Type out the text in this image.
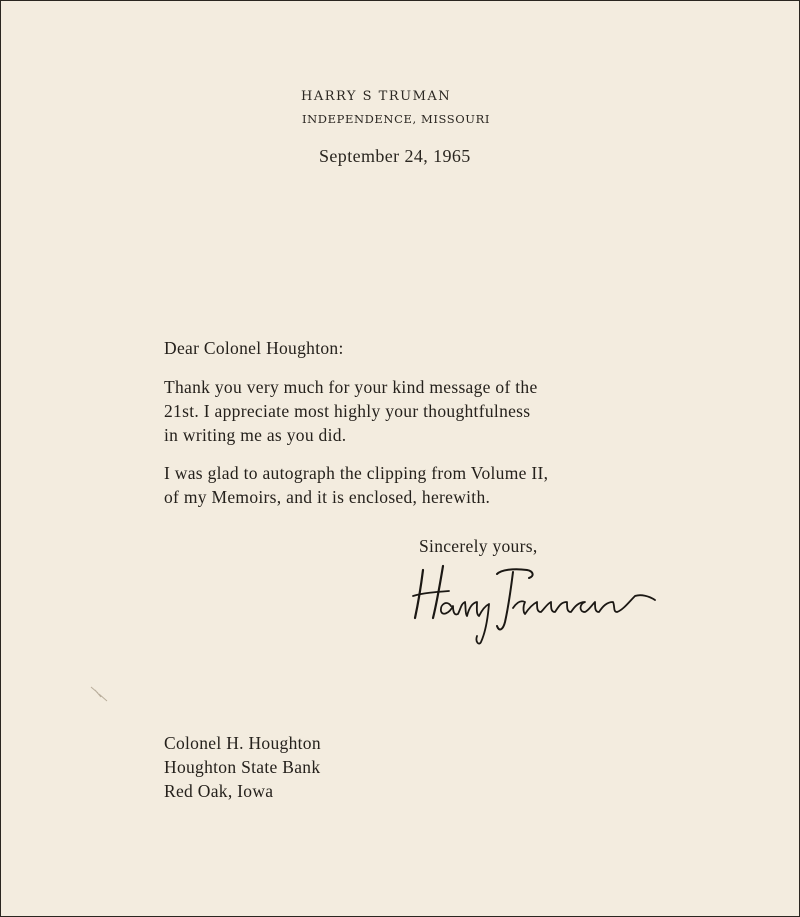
HARRY S TRUMAN
INDEPENDENCE, MISSOURI
September 24, 1965
Dear Colonel Houghton:

Thank you very much for your kind message of the
21st. I appreciate most highly your thoughtfulness
in writing me as you did.

I was glad to autograph the clipping from Volume II,
of my Memoirs, and it is enclosed, herewith.

Sincerely yours,
Colonel H. Houghton
Houghton State Bank
Red Oak, Iowa
